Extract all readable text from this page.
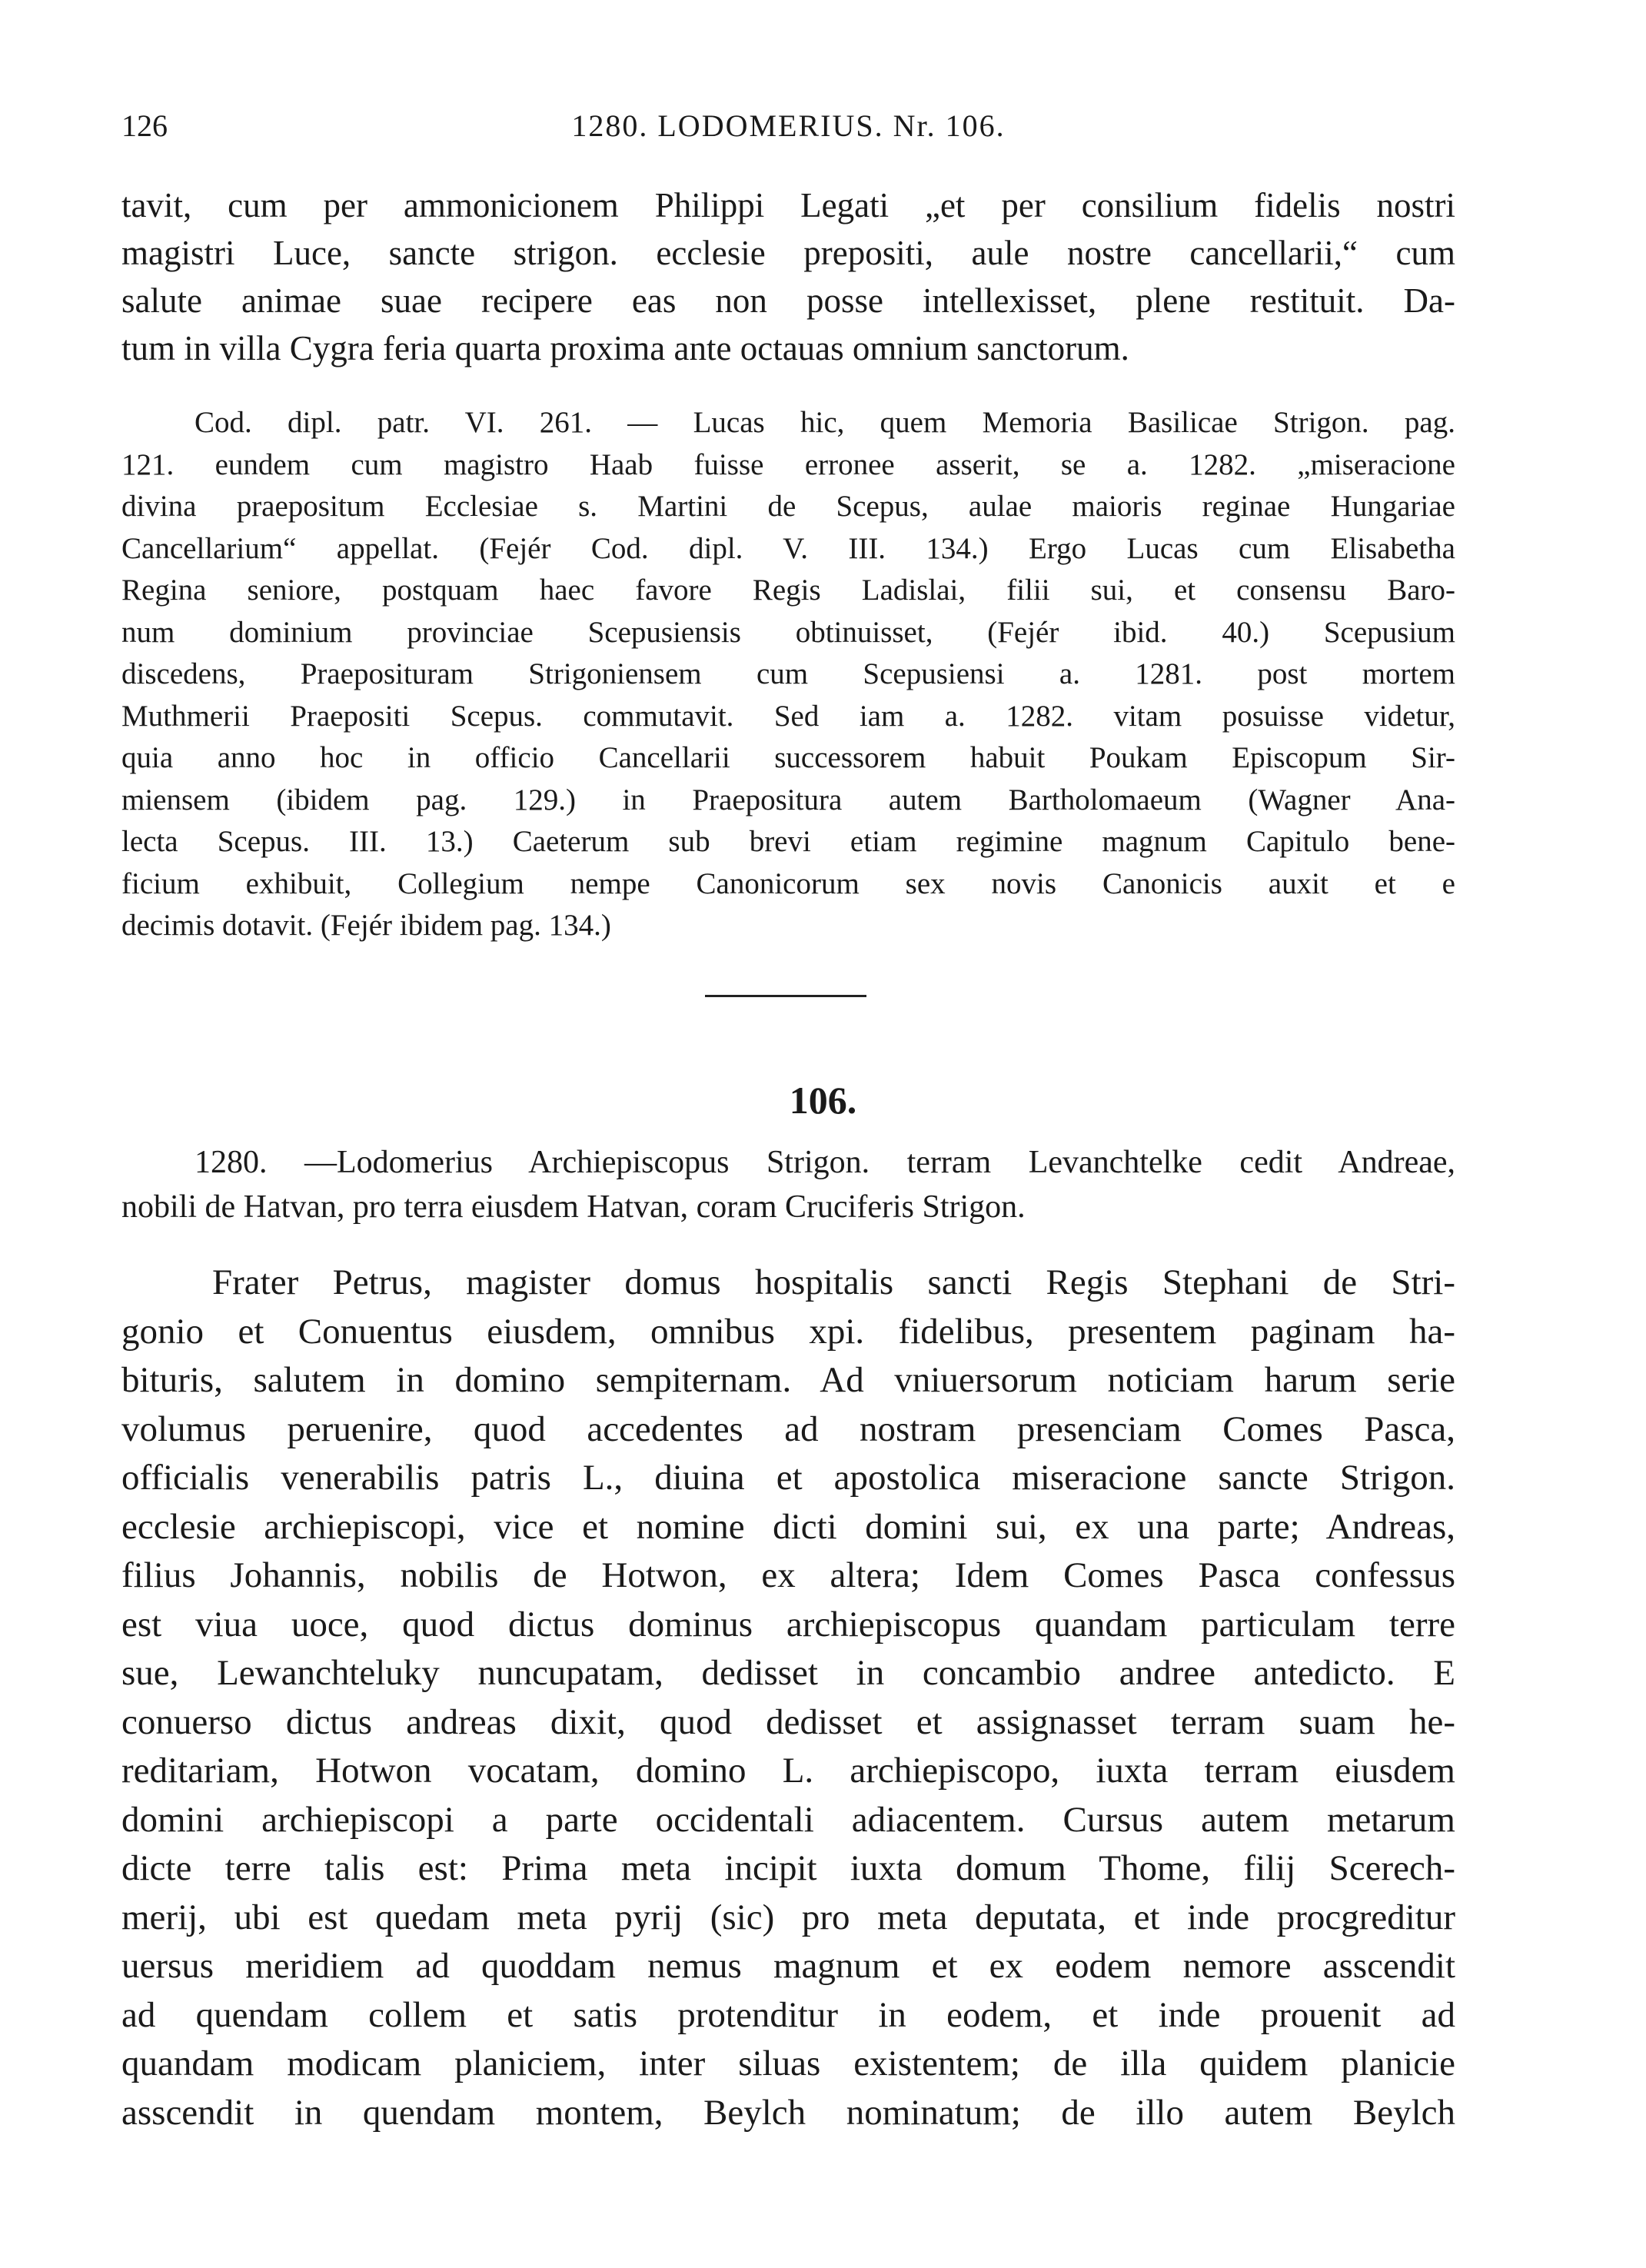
126	1280. LODOMERIUS. Nr. 106.
tavit, cum per ammonicionem Philippi Legati „et per consilium fidelis nostri
magistri Luce, sancte strigon. ecclesie prepositi, aule nostre cancellarii,“ cum
salute animae suae recipere eas non posse intellexisset, plene restituit. Da-
tum in villa Cygra feria quarta proxima ante octauas omnium sanctorum.
Cod. dipl. patr. VI. 261. — Lucas hic, quem Memoria Basilicae Strigon. pag.
121. eundem cum magistro Haab fuisse erronee asserit, se a. 1282. „miseracione
divina praepositum Ecclesiae s. Martini de Scepus, aulae maioris reginae Hungariae
Cancellarium“ appellat. (Fejér Cod. dipl. V. III. 134.) Ergo Lucas cum Elisabetha
Regina seniore, postquam haec favore Regis Ladislai, filii sui, et consensu Baro-
num dominium provinciae Scepusiensis obtinuisset, (Fejér ibid. 40.) Scepusium
discedens, Praeposituram Strigoniensem cum Scepusiensi a. 1281. post mortem
Muthmerii Praepositi Scepus. commutavit. Sed iam a. 1282. vitam posuisse videtur,
quia anno hoc in officio Cancellarii successorem habuit Poukam Episcopum Sir-
miensem (ibidem pag. 129.) in Praepositura autem Bartholomaeum (Wagner Ana-
lecta Scepus. III. 13.) Caeterum sub brevi etiam regimine magnum Capitulo bene-
ficium exhibuit, Collegium nempe Canonicorum sex novis Canonicis auxit et e
decimis dotavit. (Fejér ibidem pag. 134.)
106.
1280. —Lodomerius Archiepiscopus Strigon. terram Levanchtelke cedit Andreae,
nobili de Hatvan, pro terra eiusdem Hatvan, coram Cruciferis Strigon.
Frater Petrus, magister domus hospitalis sancti Regis Stephani de Stri-
gonio et Conuentus eiusdem, omnibus xpi. fidelibus, presentem paginam ha-
bituris, salutem in domino sempiternam. Ad vniuersorum noticiam harum serie
volumus peruenire, quod accedentes ad nostram presenciam Comes Pasca,
officialis venerabilis patris L., diuina et apostolica miseracione sancte Strigon.
ecclesie archiepiscopi, vice et nomine dicti domini sui, ex una parte; Andreas,
filius Johannis, nobilis de Hotwon, ex altera; Idem Comes Pasca confessus
est viua uoce, quod dictus dominus archiepiscopus quandam particulam terre
sue, Lewanchteluky nuncupatam, dedisset in concambio andree antedicto. E
conuerso dictus andreas dixit, quod dedisset et assignasset terram suam he-
reditariam, Hotwon vocatam, domino L. archiepiscopo, iuxta terram eiusdem
domini archiepiscopi a parte occidentali adiacentem. Cursus autem metarum
dicte terre talis est: Prima meta incipit iuxta domum Thome, filij Scerech-
merij, ubi est quedam meta pyrij (sic) pro meta deputata, et inde procgreditur
uersus meridiem ad quoddam nemus magnum et ex eodem nemore asscendit
ad quendam collem et satis protenditur in eodem, et inde prouenit ad
quandam modicam planiciem, inter siluas existentem; de illa quidem planicie
asscendit in quendam montem, Beylch nominatum; de illo autem Beylch
